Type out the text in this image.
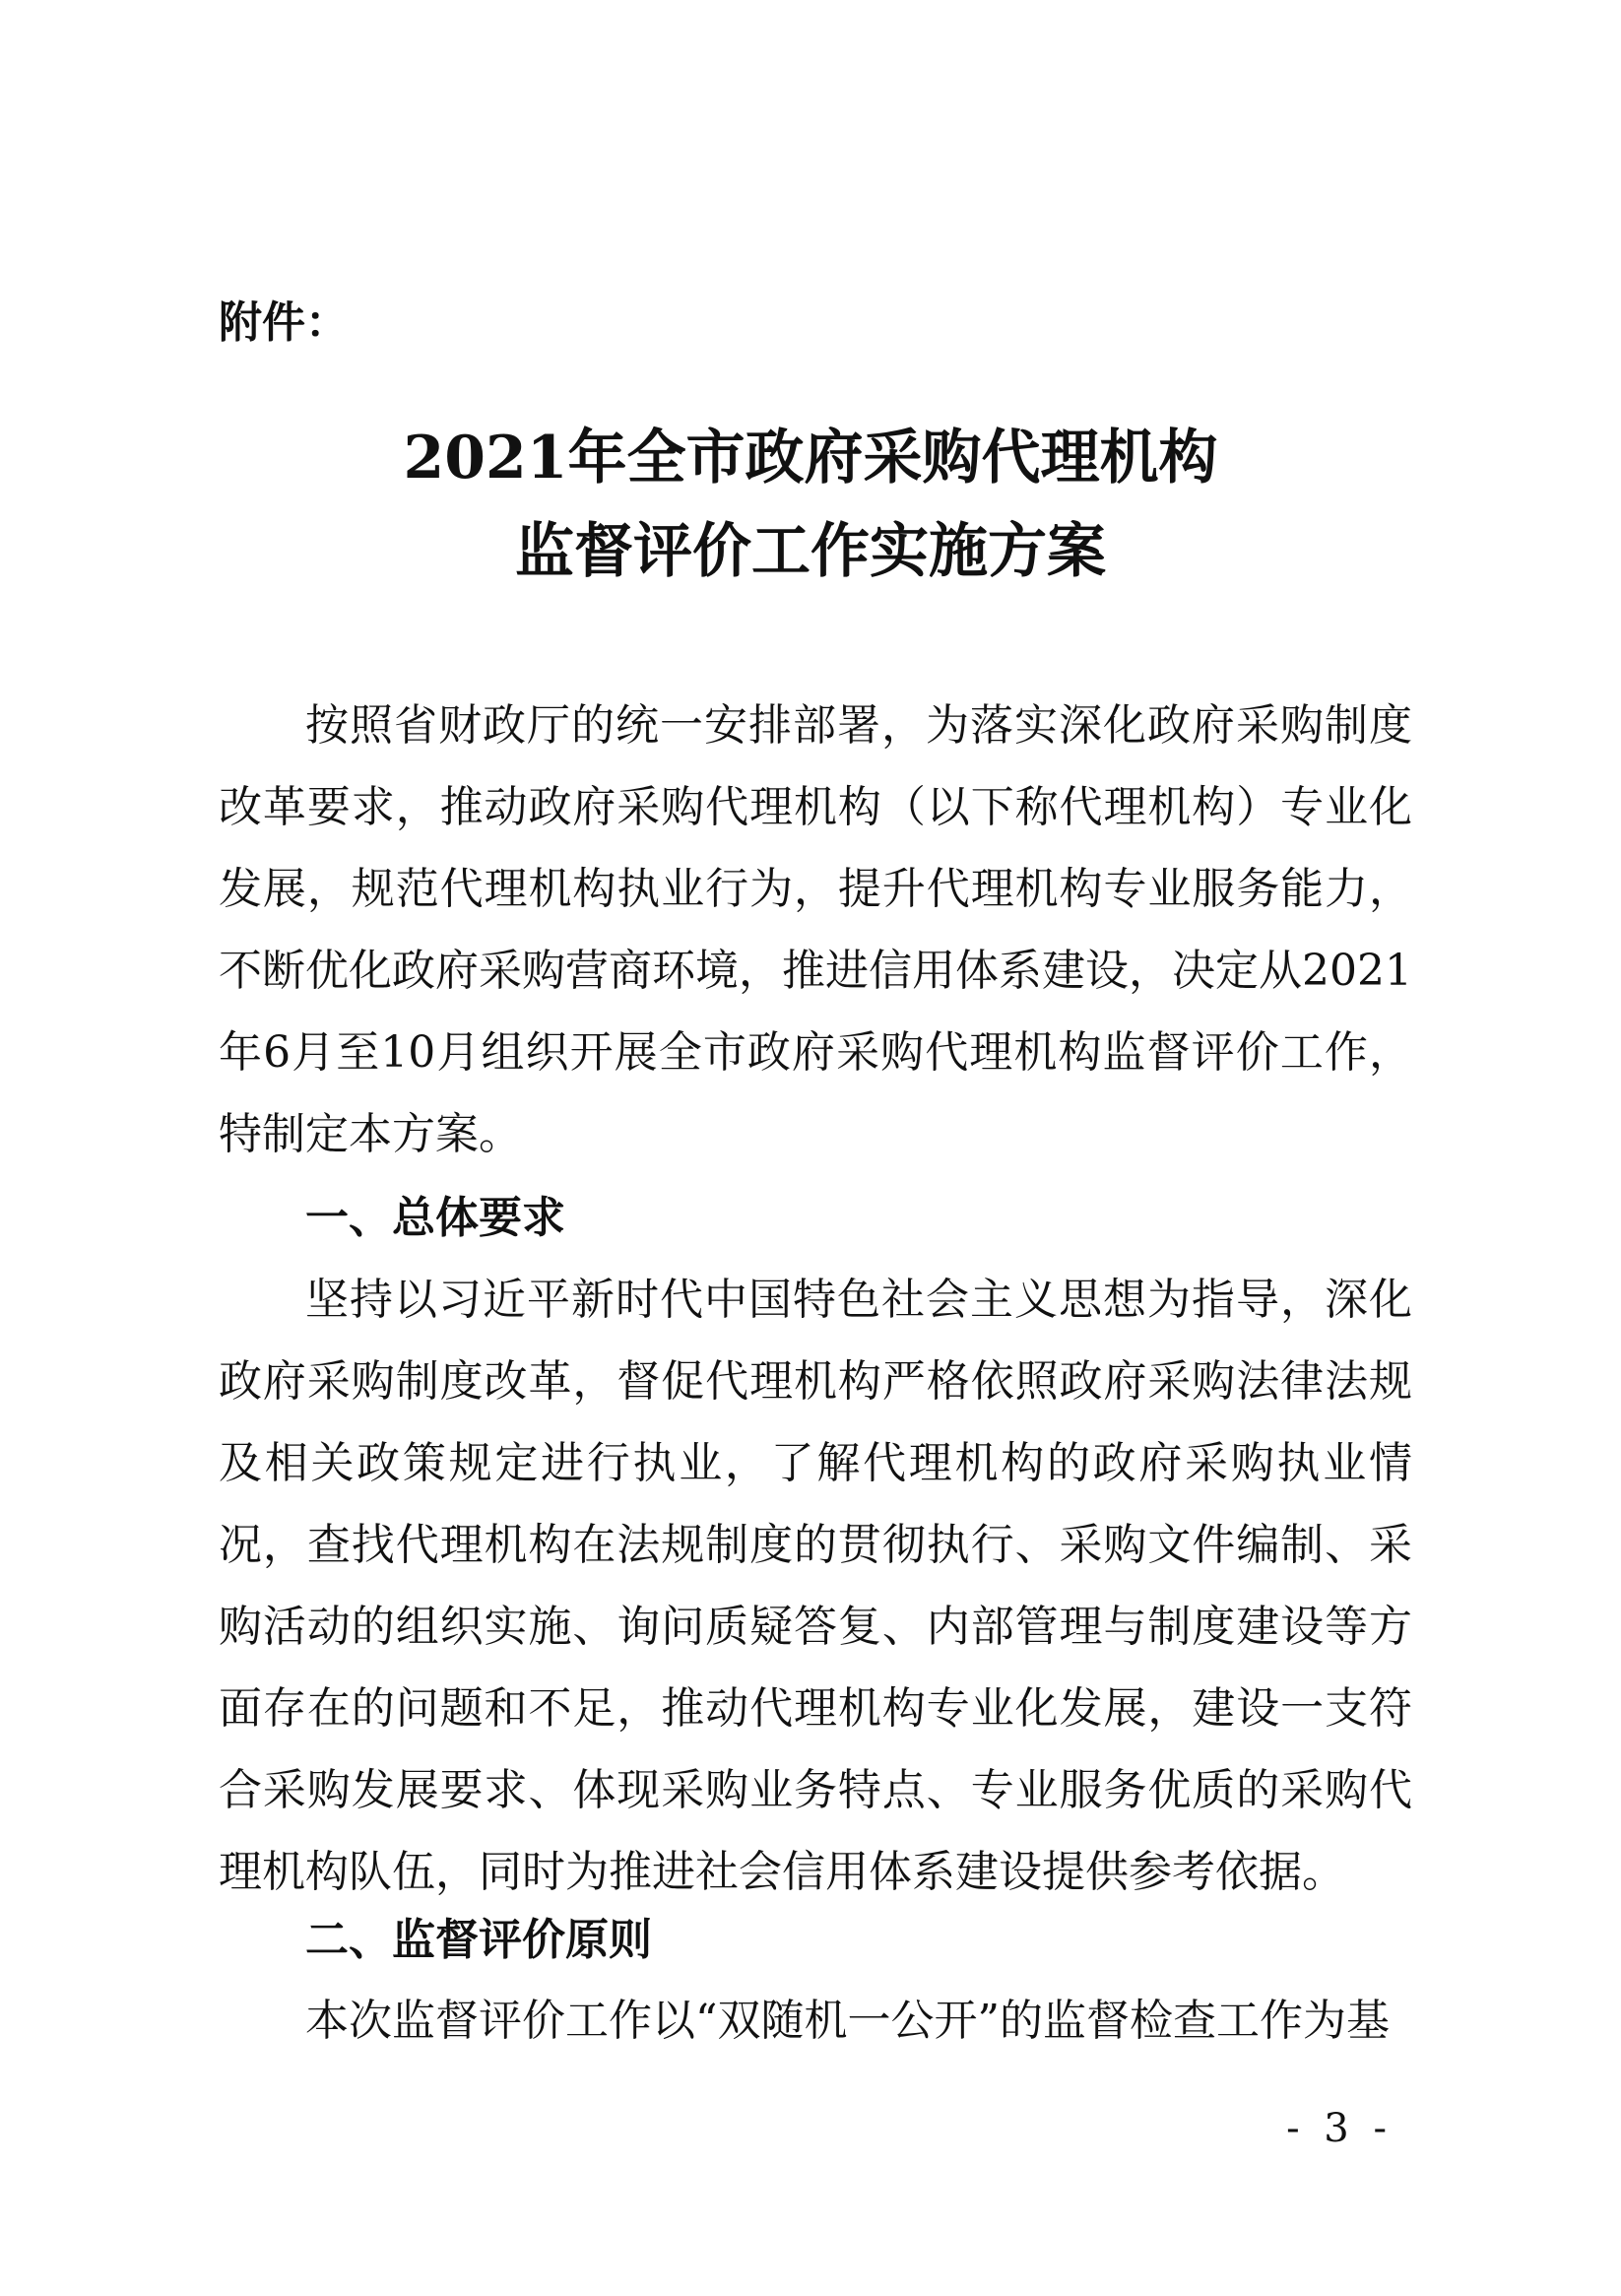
附件：
2021年全市政府采购代理机构
监督评价工作实施方案

按照省财政厅的统一安排部署，为落实深化政府采购制度改革要求，推动政府采购代理机构（以下称代理机构）专业化发展，规范代理机构执业行为，提升代理机构专业服务能力，不断优化政府采购营商环境，推进信用体系建设，决定从2021年6月至10月组织开展全市政府采购代理机构监督评价工作，特制定本方案。

一、总体要求

坚持以习近平新时代中国特色社会主义思想为指导，深化政府采购制度改革，督促代理机构严格依照政府采购法律法规及相关政策规定进行执业，了解代理机构的政府采购执业情况，查找代理机构在法规制度的贯彻执行、采购文件编制、采购活动的组织实施、询问质疑答复、内部管理与制度建设等方面存在的问题和不足，推动代理机构专业化发展，建设一支符合采购发展要求、体现采购业务特点、专业服务优质的采购代理机构队伍，同时为推进社会信用体系建设提供参考依据。

二、监督评价原则

本次监督评价工作以“双随机一公开”的监督检查工作为基

- 3 -
